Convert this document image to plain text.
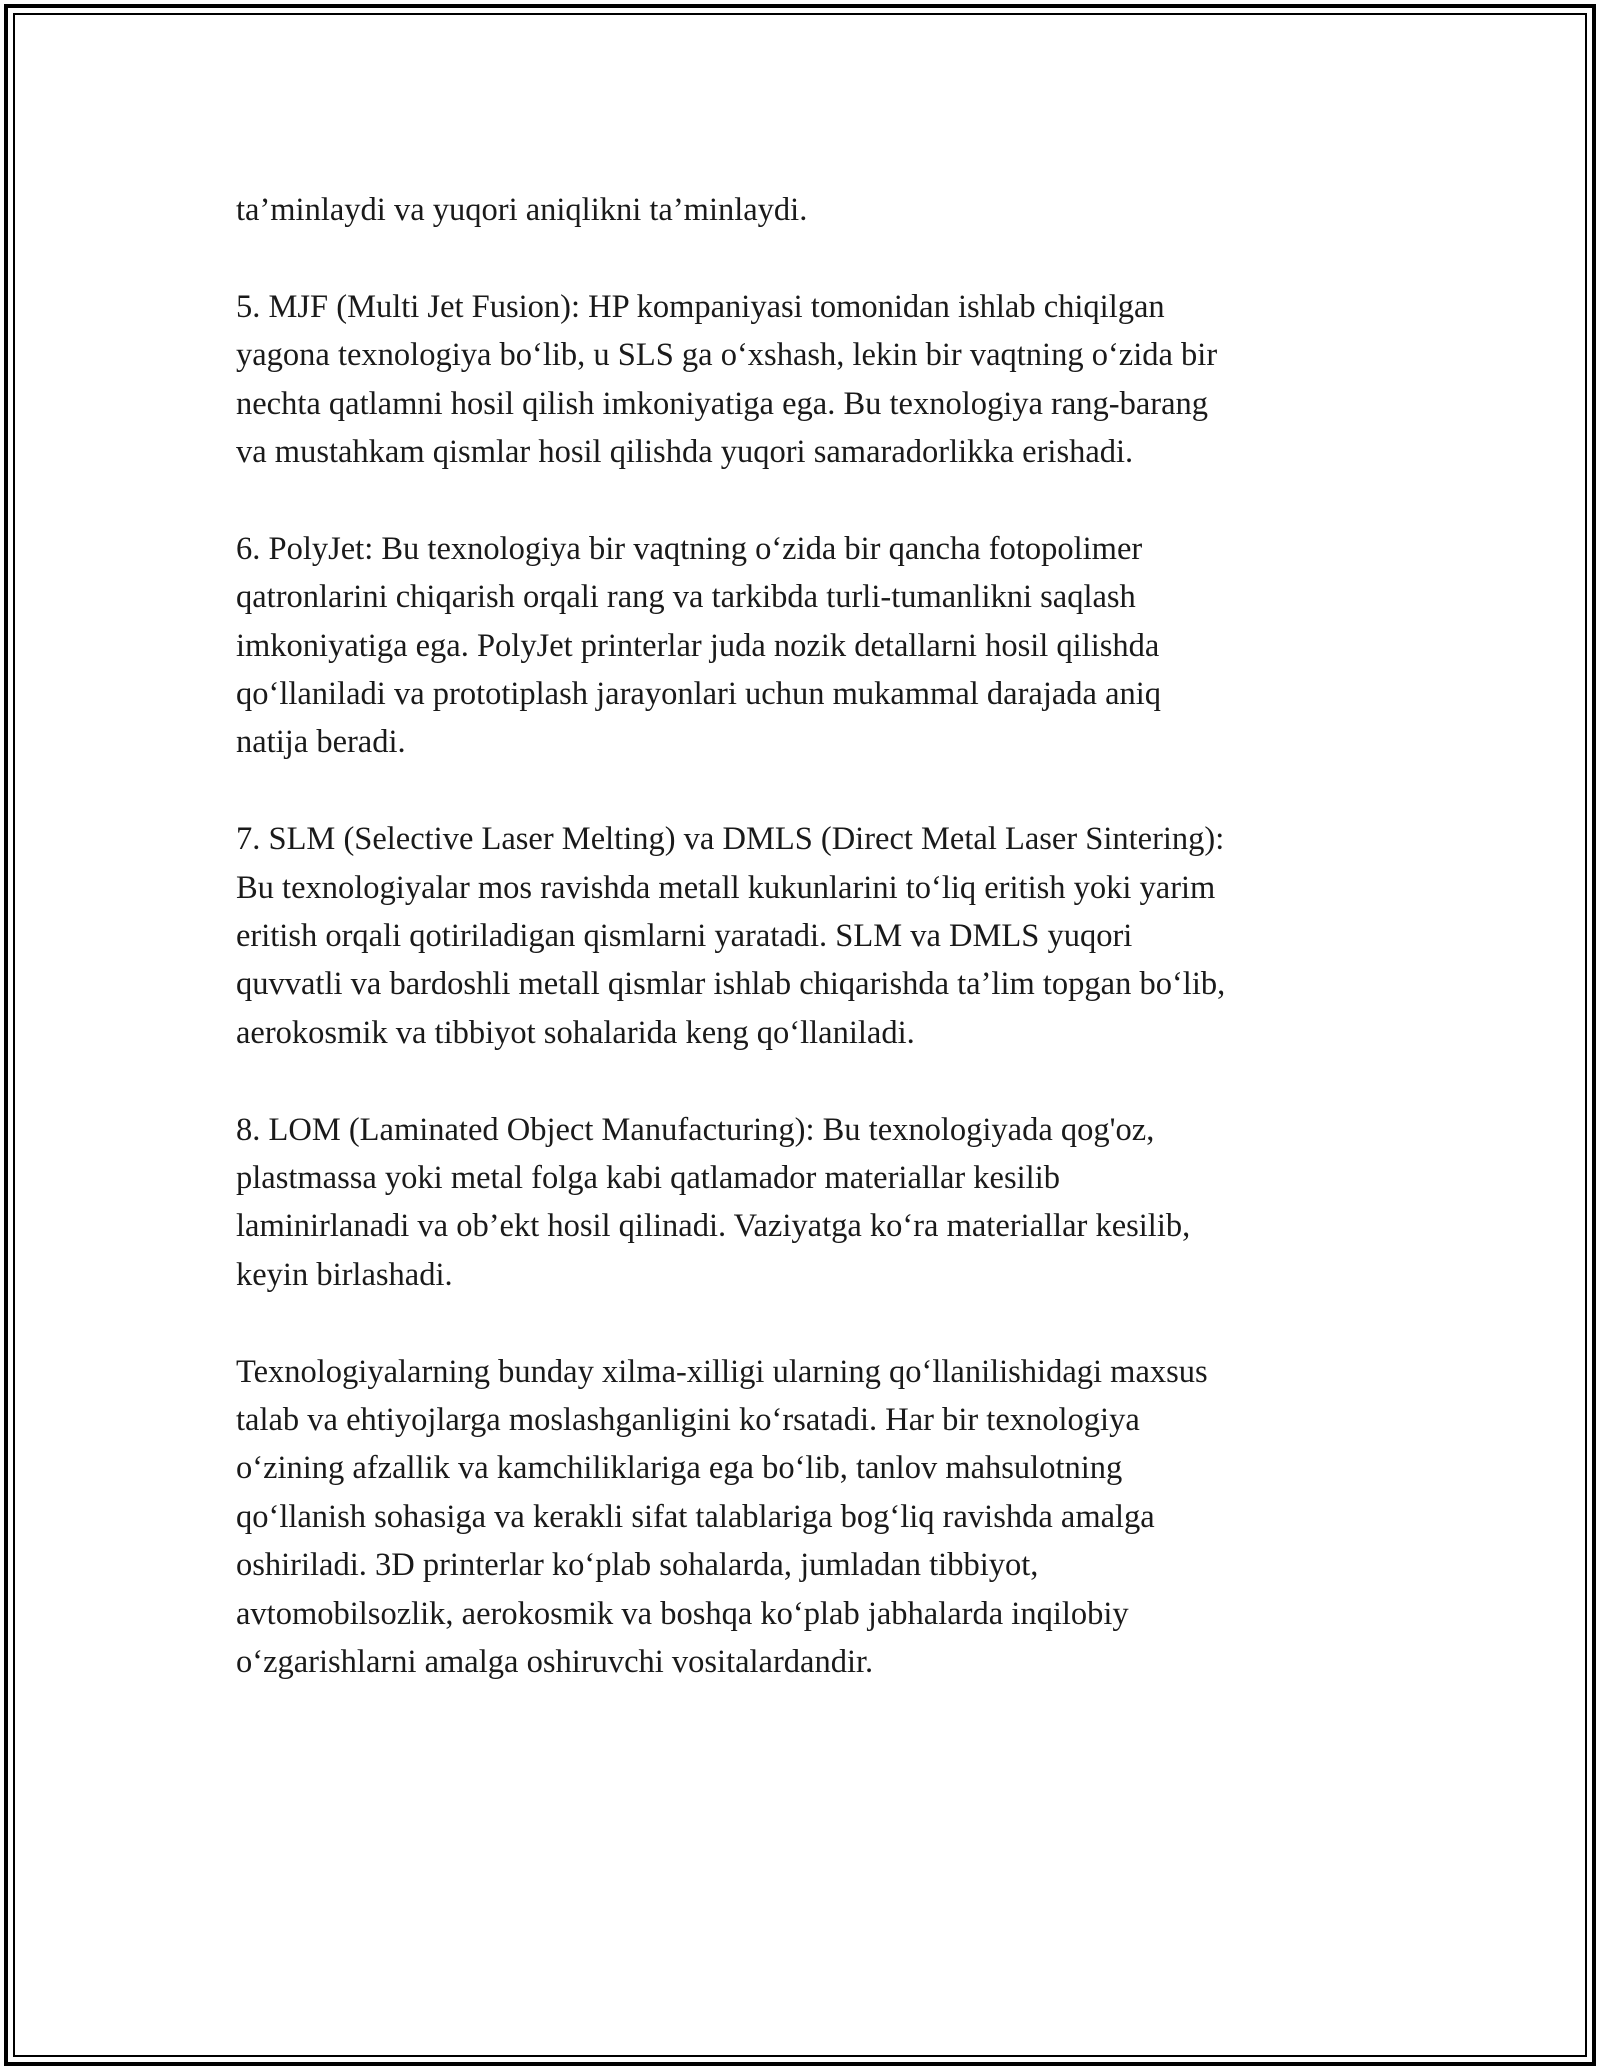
ta’minlaydi va yuqori aniqlikni ta’minlaydi.

5. MJF (Multi Jet Fusion): HP kompaniyasi tomonidan ishlab chiqilgan
yagona texnologiya bo‘lib, u SLS ga o‘xshash, lekin bir vaqtning o‘zida bir
nechta qatlamni hosil qilish imkoniyatiga ega. Bu texnologiya rang-barang
va mustahkam qismlar hosil qilishda yuqori samaradorlikka erishadi.

6. PolyJet: Bu texnologiya bir vaqtning o‘zida bir qancha fotopolimer
qatronlarini chiqarish orqali rang va tarkibda turli-tumanlikni saqlash
imkoniyatiga ega. PolyJet printerlar juda nozik detallarni hosil qilishda
qo‘llaniladi va prototiplash jarayonlari uchun mukammal darajada aniq
natija beradi.

7. SLM (Selective Laser Melting) va DMLS (Direct Metal Laser Sintering):
Bu texnologiyalar mos ravishda metall kukunlarini to‘liq eritish yoki yarim
eritish orqali qotiriladigan qismlarni yaratadi. SLM va DMLS yuqori
quvvatli va bardoshli metall qismlar ishlab chiqarishda ta’lim topgan bo‘lib,
aerokosmik va tibbiyot sohalarida keng qo‘llaniladi.

8. LOM (Laminated Object Manufacturing): Bu texnologiyada qog'oz,
plastmassa yoki metal folga kabi qatlamador materiallar kesilib
laminirlanadi va ob’ekt hosil qilinadi. Vaziyatga ko‘ra materiallar kesilib,
keyin birlashadi.

Texnologiyalarning bunday xilma-xilligi ularning qo‘llanilishidagi maxsus
talab va ehtiyojlarga moslashganligini ko‘rsatadi. Har bir texnologiya
o‘zining afzallik va kamchiliklariga ega bo‘lib, tanlov mahsulotning
qo‘llanish sohasiga va kerakli sifat talablariga bog‘liq ravishda amalga
oshiriladi. 3D printerlar ko‘plab sohalarda, jumladan tibbiyot,
avtomobilsozlik, aerokosmik va boshqa ko‘plab jabhalarda inqilobiy
o‘zgarishlarni amalga oshiruvchi vositalardandir.
